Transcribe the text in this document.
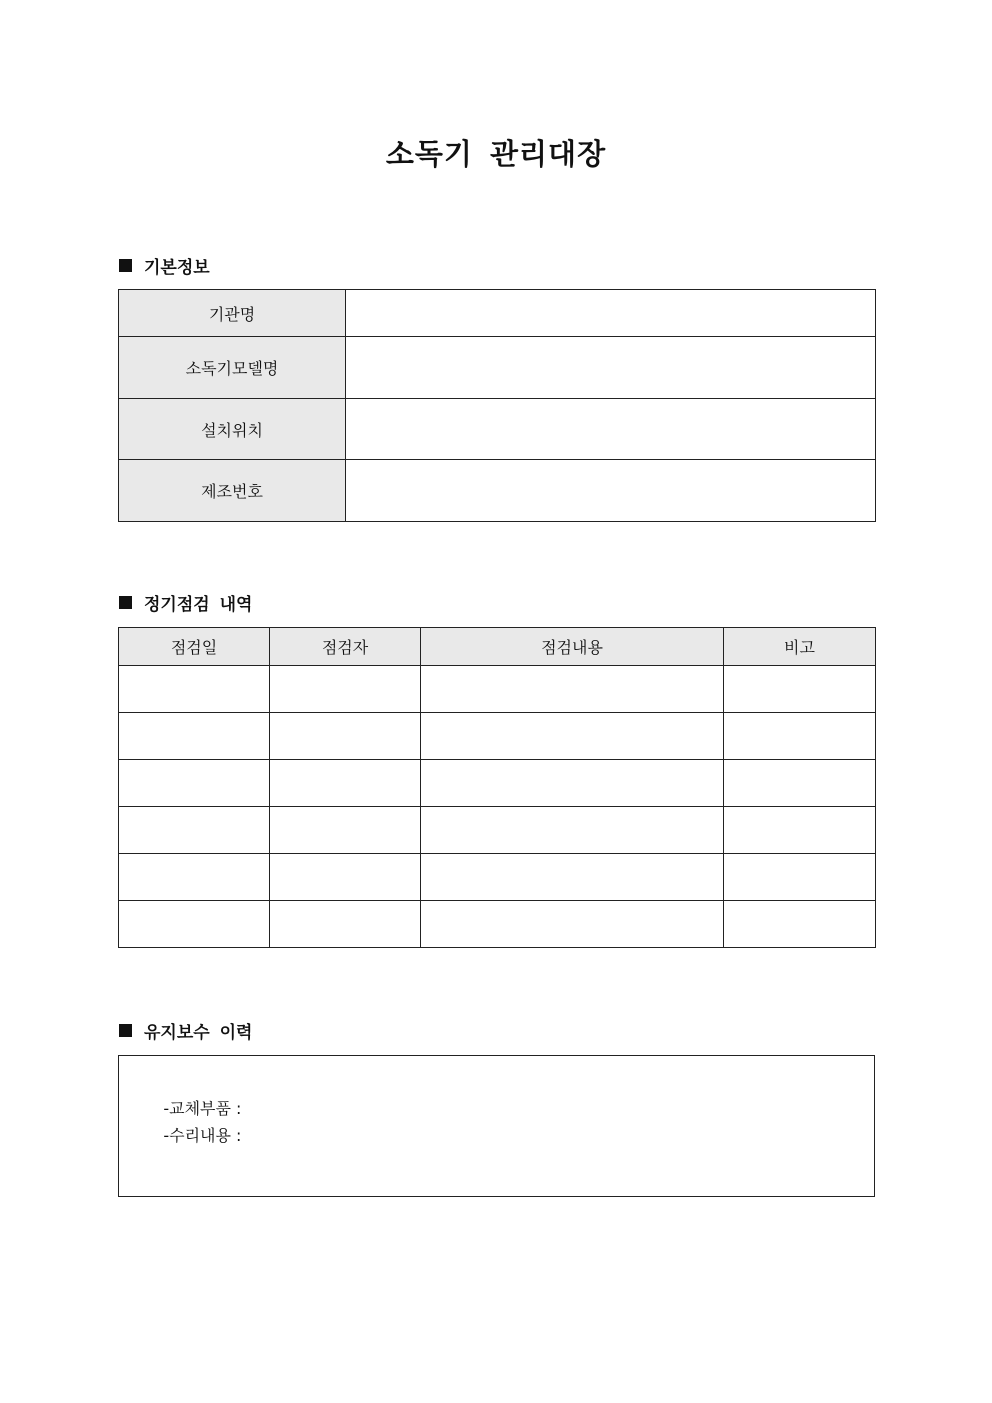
소독기 관리대장
기본정보
기관명	
소독기모델명	
설치위치	
제조번호	
정기점검 내역
점검일	점검자	점검내용	비고

유지보수 이력

-교체부품 :

-수리내용 :
